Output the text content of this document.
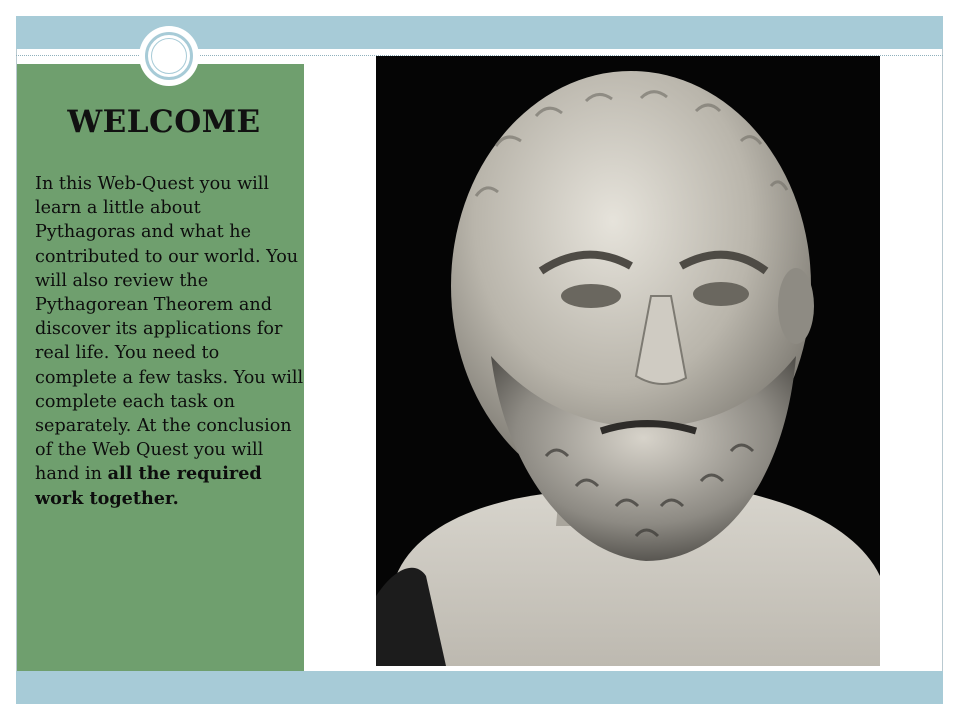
WELCOME
In this Web-Quest you will learn a little about Pythagoras and what he contributed to our world. You will also review the Pythagorean Theorem and discover its applications for real life. You need to complete a few tasks. You will complete each task on separately. At the conclusion of the Web Quest you will hand in all the required work together.
